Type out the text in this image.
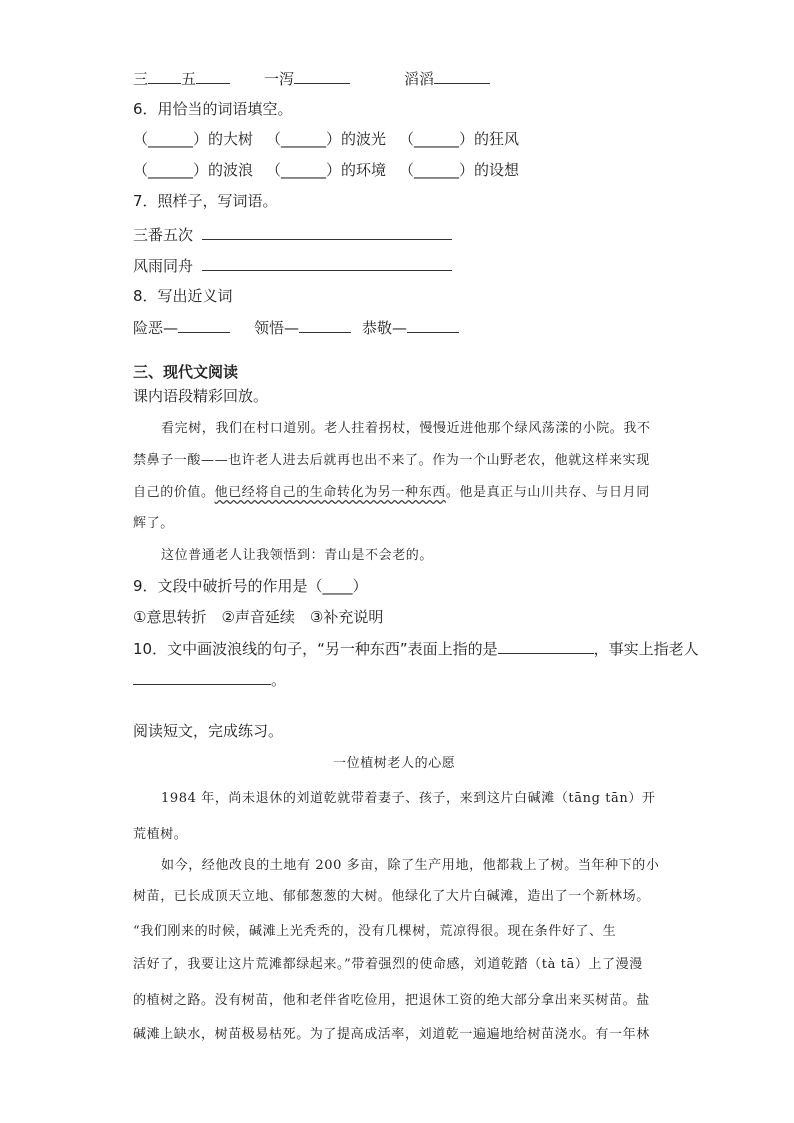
三 五	一泻	滔滔
6．用恰当的词语填空。
（______）的大树 （______）的波光 （______）的狂风
（______）的波浪 （______）的环境 （______）的设想
7．照样子，写词语。
三番五次
风雨同舟
8．写出近义词
险恶—	领悟—	恭敬—
三、现代文阅读
课内语段精彩回放。
看完树，我们在村口道别。老人拄着拐杖，慢慢近进他那个绿风荡漾的小院。我不
禁鼻子一酸——也许老人进去后就再也出不来了。作为一个山野老农，他就这样来实现
自己的价值。他已经将自己的生命转化为另一种东西。他是真正与山川共存、与日月同
辉了。
这位普通老人让我领悟到：青山是不会老的。
9．文段中破折号的作用是（____）
①意思转折　②声音延续　③补充说明
10．文中画波浪线的句子，“另一种东西”表面上指的是	，事实上指老人
。
阅读短文，完成练习。
一位植树老人的心愿
1984 年，尚未退休的刘道乾就带着妻子、孩子，来到这片白碱滩（tāng tān）开
荒植树。
如今，经他改良的土地有 200 多亩，除了生产用地，他都栽上了树。当年种下的小
树苗，已长成顶天立地、郁郁葱葱的大树。他绿化了大片白碱滩，造出了一个新林场。
“我们刚来的时候，碱滩上光秃秃的，没有几棵树，荒凉得很。现在条件好了、生
活好了，我要让这片荒滩都绿起来。”带着强烈的使命感，刘道乾踏（tà tā）上了漫漫
的植树之路。没有树苗，他和老伴省吃俭用，把退休工资的绝大部分拿出来买树苗。盐
碱滩上缺水，树苗极易枯死。为了提高成活率，刘道乾一遍遍地给树苗浇水。有一年林
